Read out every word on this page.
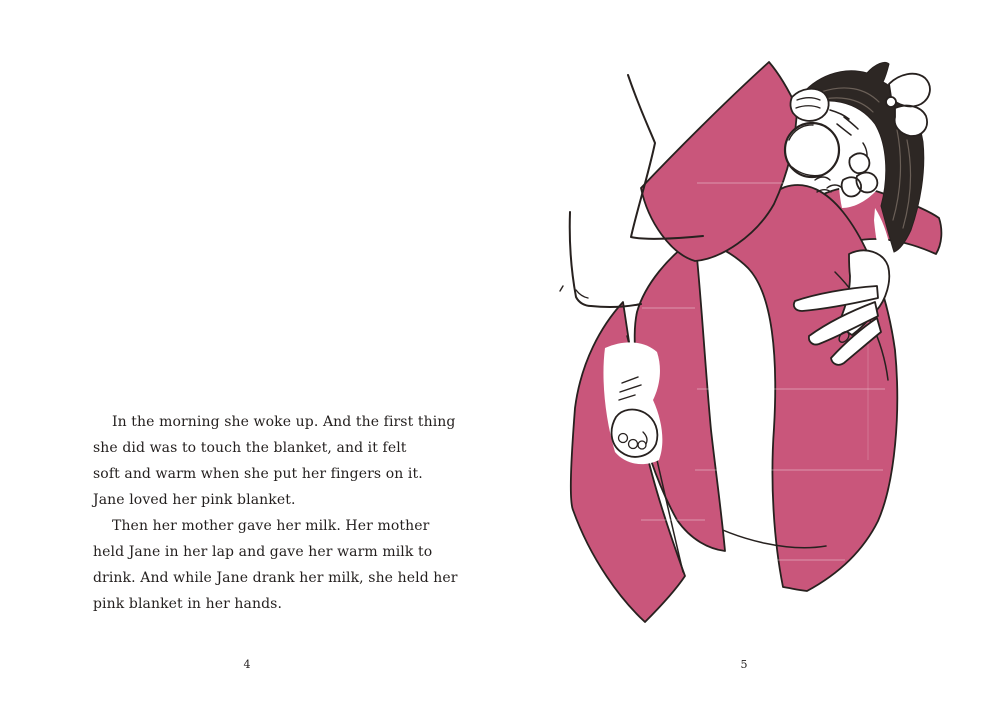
In the morning she woke up. And the first thing

she did was to touch the blanket, and it felt

soft and warm when she put her fingers on it.

Jane loved her pink blanket.

Then her mother gave her milk. Her mother

held Jane in her lap and gave her warm milk to

drink. And while Jane drank her milk, she held her

pink blanket in her hands.

4	5
